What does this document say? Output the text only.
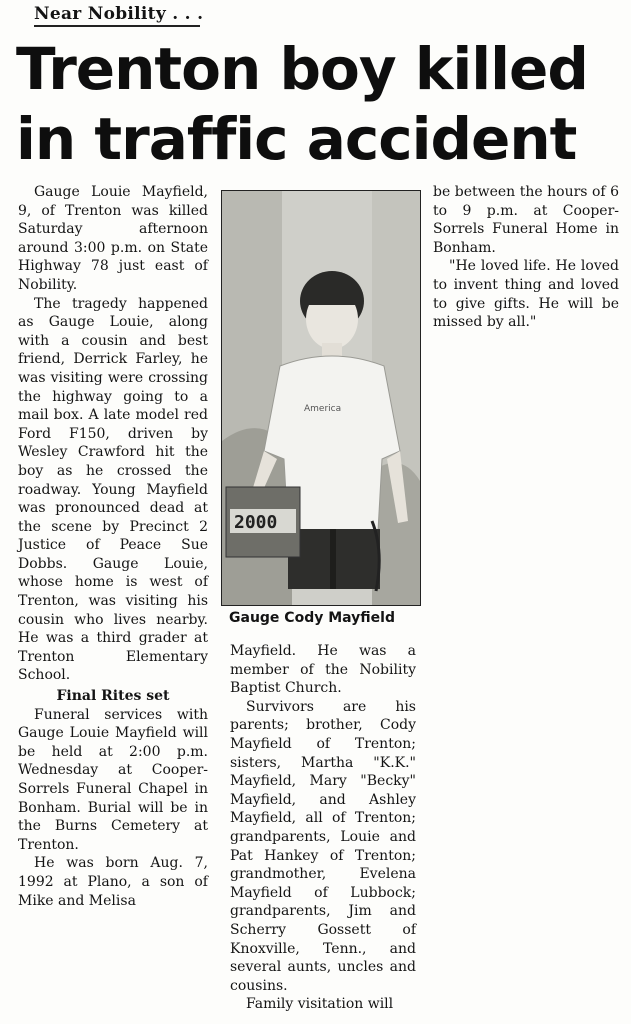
Near Nobility . . .
Trenton boy killed
in traffic accident

Gauge Louie Mayfield, 9, of Trenton was killed Saturday afternoon around 3:00 p.m. on State Highway 78 just east of Nobility.

The tragedy happened as Gauge Louie, along with a cousin and best friend, Derrick Farley, he was visiting were crossing the highway going to a mail box. A late model red Ford F150, driven by Wesley Crawford hit the boy as he crossed the roadway. Young Mayfield was pronounced dead at the scene by Precinct 2 Justice of Peace Sue Dobbs. Gauge Louie, whose home is west of Trenton, was visiting his cousin who lives nearby. He was a third grader at Trenton Elementary School.

Final Rites set

Funeral services with Gauge Louie Mayfield will be held at 2:00 p.m. Wednesday at Cooper-Sorrels Funeral Chapel in Bonham. Burial will be in the Burns Cemetery at Trenton.

He was born Aug. 7, 1992 at Plano, a son of Mike and Melisa

America
2000
Gauge Cody Mayfield

Mayfield. He was a member of the Nobility Baptist Church.

Survivors are his parents; brother, Cody Mayfield of Trenton; sisters, Martha "K.K." Mayfield, Mary "Becky" Mayfield, and Ashley Mayfield, all of Trenton; grandparents, Louie and Pat Hankey of Trenton; grandmother, Evelena Mayfield of Lubbock; grandparents, Jim and Scherry Gossett of Knoxville, Tenn., and several aunts, uncles and cousins.

Family visitation will

be between the hours of 6 to 9 p.m. at Cooper-Sorrels Funeral Home in Bonham.

"He loved life. He loved to invent thing and loved to give gifts. He will be missed by all."
